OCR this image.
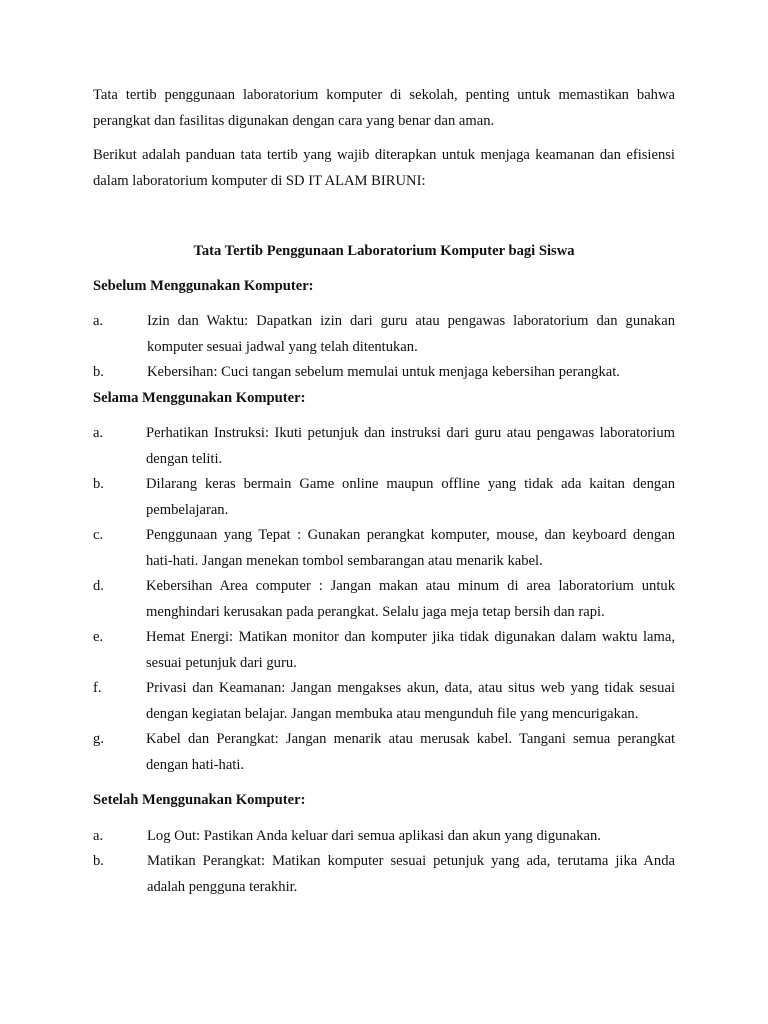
Tata tertib penggunaan laboratorium komputer di sekolah, penting untuk memastikan bahwa perangkat dan fasilitas digunakan dengan cara yang benar dan aman.

Berikut adalah panduan tata tertib yang wajib diterapkan untuk menjaga keamanan dan efisiensi dalam laboratorium komputer di SD IT ALAM BIRUNI:

Tata Tertib Penggunaan Laboratorium Komputer bagi Siswa

Sebelum Menggunakan Komputer:

a.	Izin dan Waktu: Dapatkan izin dari guru atau pengawas laboratorium dan gunakan komputer sesuai jadwal yang telah ditentukan.
b.	Kebersihan: Cuci tangan sebelum memulai untuk menjaga kebersihan perangkat.

Selama Menggunakan Komputer:

a.	Perhatikan Instruksi: Ikuti petunjuk dan instruksi dari guru atau pengawas laboratorium dengan teliti.
b.	Dilarang keras bermain Game online maupun offline yang tidak ada kaitan dengan pembelajaran.
c.	Penggunaan yang Tepat : Gunakan perangkat komputer, mouse, dan keyboard dengan hati-hati. Jangan menekan tombol sembarangan atau menarik kabel.
d.	Kebersihan Area computer : Jangan makan atau minum di area laboratorium untuk menghindari kerusakan pada perangkat. Selalu jaga meja tetap bersih dan rapi.
e.	Hemat Energi: Matikan monitor dan komputer jika tidak digunakan dalam waktu lama, sesuai petunjuk dari guru.
f.	Privasi dan Keamanan: Jangan mengakses akun, data, atau situs web yang tidak sesuai dengan kegiatan belajar. Jangan membuka atau mengunduh file yang mencurigakan.
g.	Kabel dan Perangkat: Jangan menarik atau merusak kabel. Tangani semua perangkat dengan hati-hati.

Setelah Menggunakan Komputer:

a.	Log Out: Pastikan Anda keluar dari semua aplikasi dan akun yang digunakan.
b.	Matikan Perangkat: Matikan komputer sesuai petunjuk yang ada, terutama jika Anda adalah pengguna terakhir.
